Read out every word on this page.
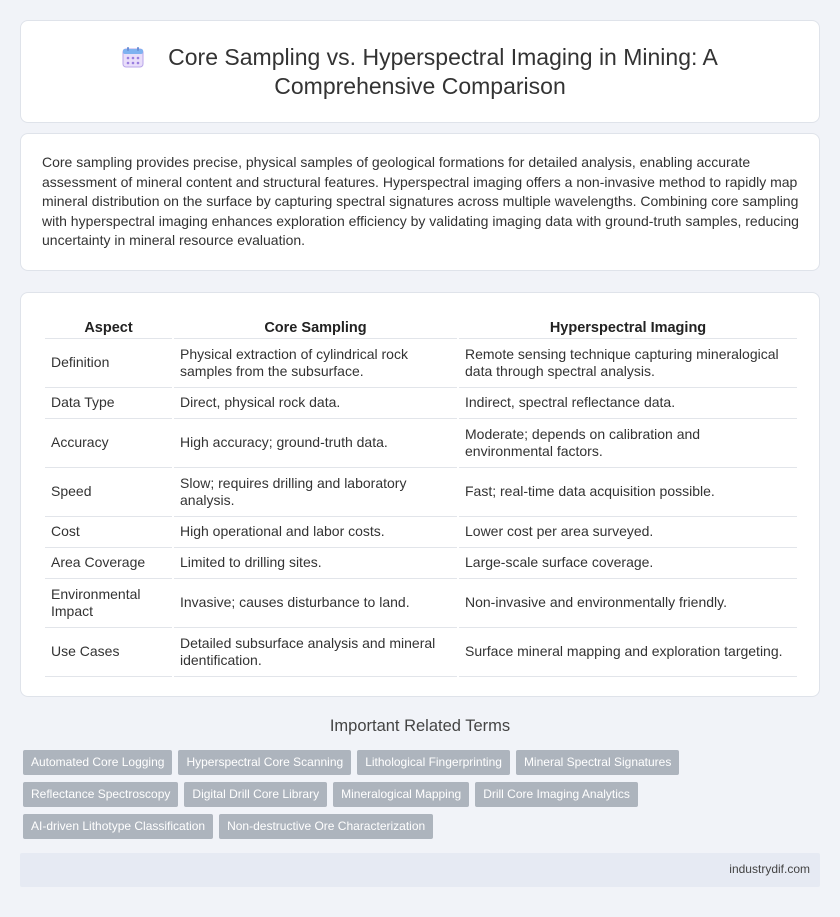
Core Sampling vs. Hyperspectral Imaging in Mining: A Comprehensive Comparison

Core sampling provides precise, physical samples of geological formations for detailed analysis, enabling accurate assessment of mineral content and structural features. Hyperspectral imaging offers a non-invasive method to rapidly map mineral distribution on the surface by capturing spectral signatures across multiple wavelengths. Combining core sampling with hyperspectral imaging enhances exploration efficiency by validating imaging data with ground-truth samples, reducing uncertainty in mineral resource evaluation.

Aspect	Core Sampling	Hyperspectral Imaging
Definition	Physical extraction of cylindrical rock samples from the subsurface.	Remote sensing technique capturing mineralogical data through spectral analysis.
Data Type	Direct, physical rock data.	Indirect, spectral reflectance data.
Accuracy	High accuracy; ground-truth data.	Moderate; depends on calibration and environmental factors.
Speed	Slow; requires drilling and laboratory analysis.	Fast; real-time data acquisition possible.
Cost	High operational and labor costs.	Lower cost per area surveyed.
Area Coverage	Limited to drilling sites.	Large-scale surface coverage.
Environmental Impact	Invasive; causes disturbance to land.	Non-invasive and environmentally friendly.
Use Cases	Detailed subsurface analysis and mineral identification.	Surface mineral mapping and exploration targeting.
Important Related Terms
Automated Core Logging Hyperspectral Core Scanning Lithological Fingerprinting Mineral Spectral Signatures
Reflectance Spectroscopy Digital Drill Core Library Mineralogical Mapping Drill Core Imaging Analytics
AI-driven Lithotype Classification Non-destructive Ore Characterization
industrydif.com
